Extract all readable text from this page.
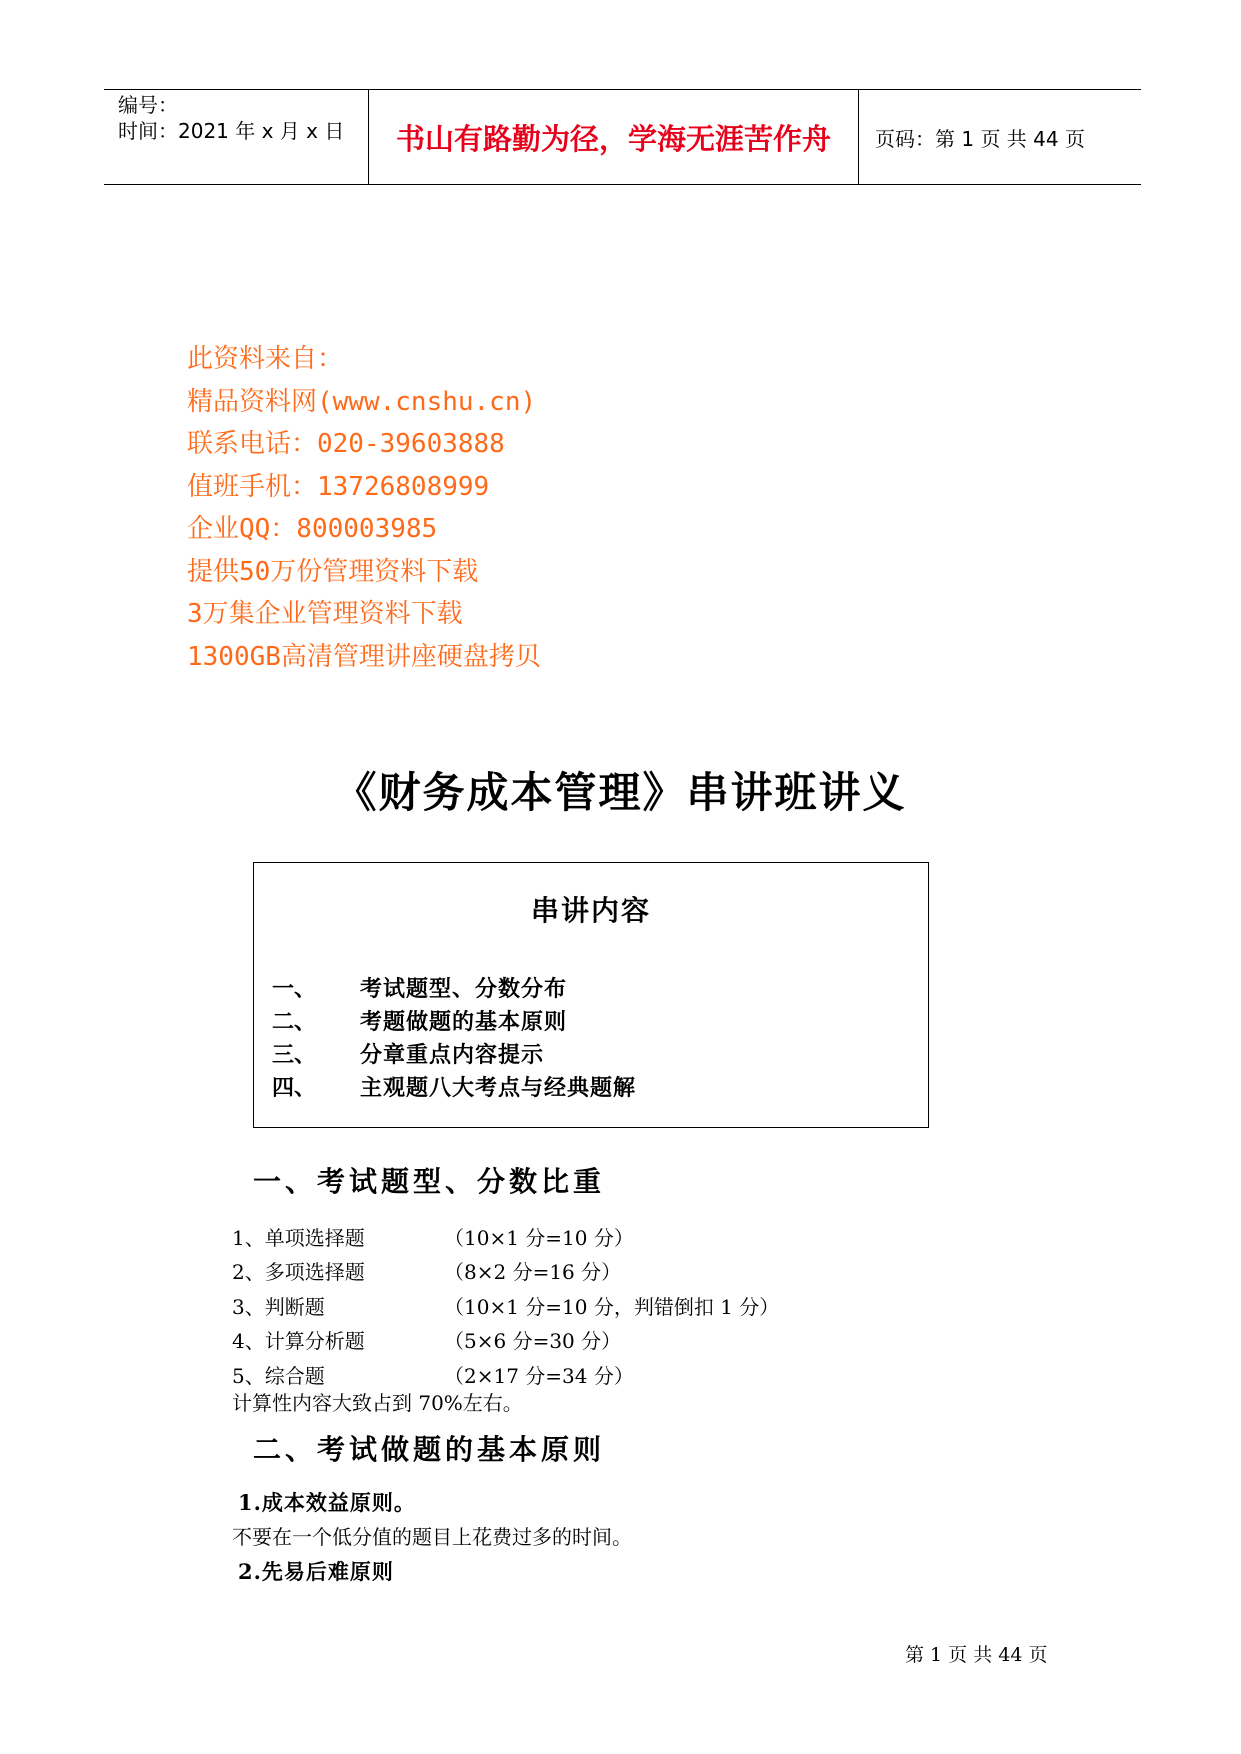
编号：
时间：2021 年 x 月 x 日	书山有路勤为径，学海无涯苦作舟 页码：第 1 页 共 44 页
此资料来自：
精品资料网(www.cnshu.cn)
联系电话：020-39603888
值班手机：13726808999
企业QQ：800003985
提供50万份管理资料下载
3万集企业管理资料下载
1300GB高清管理讲座硬盘拷贝
《财务成本管理》串讲班讲义
串讲内容
一、	考试题型、分数分布
二、	考题做题的基本原则
三、	分章重点内容提示
四、	主观题八大考点与经典题解
一、考试题型、分数比重
1、单项选择题	（10×1 分=10 分）
2、多项选择题	（8×2 分=16 分）
3、判断题	（10×1 分=10 分，判错倒扣 1 分）
4、计算分析题	（5×6 分=30 分）
5、综合题	（2×17 分=34 分）
计算性内容大致占到 70%左右。
二、考试做题的基本原则
1.成本效益原则。
不要在一个低分值的题目上花费过多的时间。
2.先易后难原则
第 1 页 共 44 页
